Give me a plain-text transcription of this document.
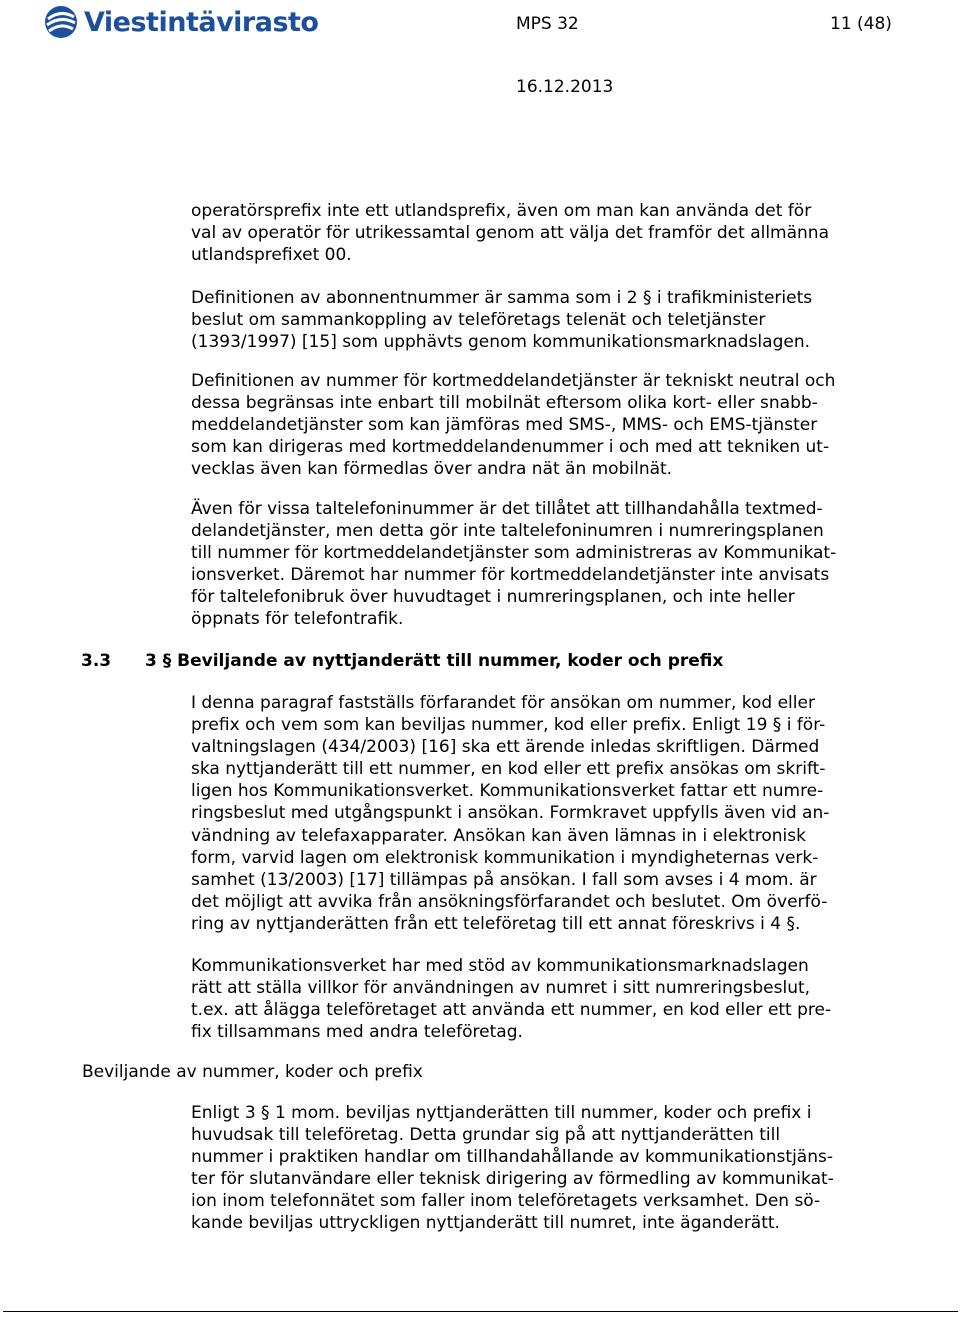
Viestintävirasto	MPS 32	11 (48)
16.12.2013
operatörsprefix inte ett utlandsprefix, även om man kan använda det för
val av operatör för utrikessamtal genom att välja det framför det allmänna
utlandsprefixet 00.
Definitionen av abonnentnummer är samma som i 2 § i trafikministeriets
beslut om sammankoppling av teleföretags telenät och teletjänster
(1393/1997) [15] som upphävts genom kommunikationsmarknadslagen.
Definitionen av nummer för kortmeddelandetjänster är tekniskt neutral och
dessa begränsas inte enbart till mobilnät eftersom olika kort- eller snabb-
meddelandetjänster som kan jämföras med SMS-, MMS- och EMS-tjänster
som kan dirigeras med kortmeddelandenummer i och med att tekniken ut-
vecklas även kan förmedlas över andra nät än mobilnät.
Även för vissa taltelefoninummer är det tillåtet att tillhandahålla textmed-
delandetjänster, men detta gör inte taltelefoninumren i numreringsplanen
till nummer för kortmeddelandetjänster som administreras av Kommunikat-
ionsverket. Däremot har nummer för kortmeddelandetjänster inte anvisats
för taltelefonibruk över huvudtaget i numreringsplanen, och inte heller
öppnats för telefontrafik.
3.3 3 § Beviljande av nyttjanderätt till nummer, koder och prefix
I denna paragraf fastställs förfarandet för ansökan om nummer, kod eller
prefix och vem som kan beviljas nummer, kod eller prefix. Enligt 19 § i för-
valtningslagen (434/2003) [16] ska ett ärende inledas skriftligen. Därmed
ska nyttjanderätt till ett nummer, en kod eller ett prefix ansökas om skrift-
ligen hos Kommunikationsverket. Kommunikationsverket fattar ett numre-
ringsbeslut med utgångspunkt i ansökan. Formkravet uppfylls även vid an-
vändning av telefaxapparater. Ansökan kan även lämnas in i elektronisk
form, varvid lagen om elektronisk kommunikation i myndigheternas verk-
samhet (13/2003) [17] tillämpas på ansökan. I fall som avses i 4 mom. är
det möjligt att avvika från ansökningsförfarandet och beslutet. Om överfö-
ring av nyttjanderätten från ett teleföretag till ett annat föreskrivs i 4 §.
Kommunikationsverket har med stöd av kommunikationsmarknadslagen
rätt att ställa villkor för användningen av numret i sitt numreringsbeslut,
t.ex. att ålägga teleföretaget att använda ett nummer, en kod eller ett pre-
fix tillsammans med andra teleföretag.
Beviljande av nummer, koder och prefix
Enligt 3 § 1 mom. beviljas nyttjanderätten till nummer, koder och prefix i
huvudsak till teleföretag. Detta grundar sig på att nyttjanderätten till
nummer i praktiken handlar om tillhandahållande av kommunikationstjäns-
ter för slutanvändare eller teknisk dirigering av förmedling av kommunikat-
ion inom telefonnätet som faller inom teleföretagets verksamhet. Den sö-
kande beviljas uttryckligen nyttjanderätt till numret, inte äganderätt.
